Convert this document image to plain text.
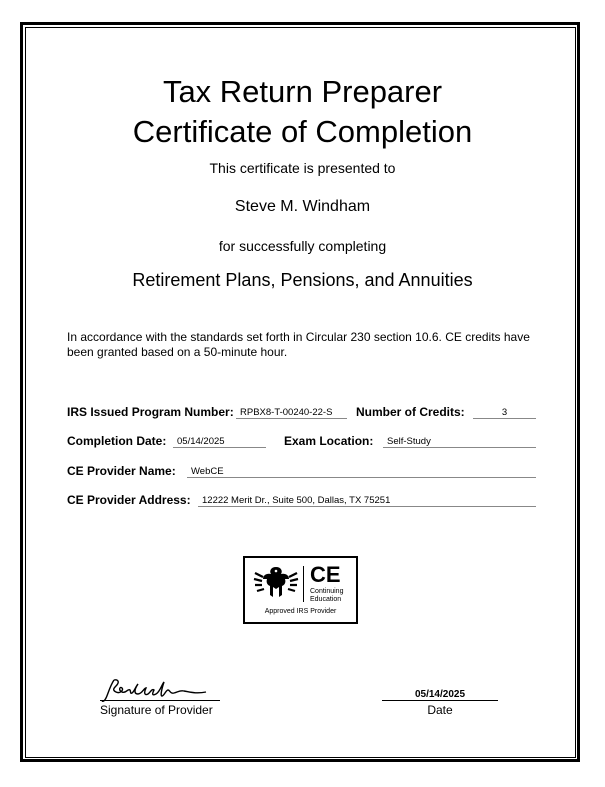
Tax Return Preparer
Certificate of Completion
This certificate is presented to
Steve M. Windham
for successfully completing
Retirement Plans, Pensions, and Annuities
In accordance with the standards set forth in Circular 230 section 10.6. CE credits have been granted based on a 50-minute hour.
IRS Issued Program Number: RPBX8-T-00240-22-S	Number of Credits:	3
Completion Date:	05/14/2025	Exam Location:	Self-Study
CE Provider Name:	WebCE
CE Provider Address:	12222 Merit Dr., Suite 500, Dallas, TX 75251
CE
Continuing
Education
Approved IRS Provider
Signature of Provider
05/14/2025
Date
